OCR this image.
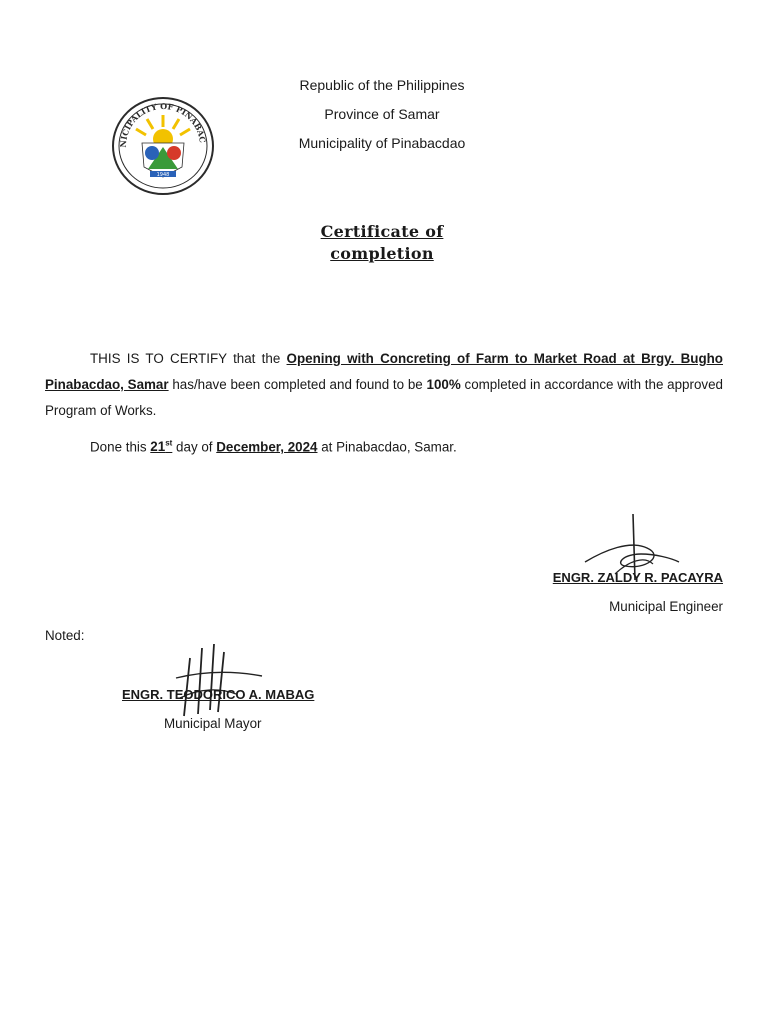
NICIPALITY OF PINABAC
1948
Republic of the Philippines
Province of Samar
Municipality of Pinabacdao
Certificate of
completion
THIS IS TO CERTIFY that the Opening with Concreting of Farm to Market Road at Brgy. Bugho Pinabacdao, Samar has/have been completed and found to be 100% completed in accordance with the approved Program of Works.
Done this 21st day of December, 2024 at Pinabacdao, Samar.
ENGR. ZALDY R. PACAYRA
Municipal Engineer
Noted:
ENGR. TEODORICO A. MABAG
Municipal Mayor
